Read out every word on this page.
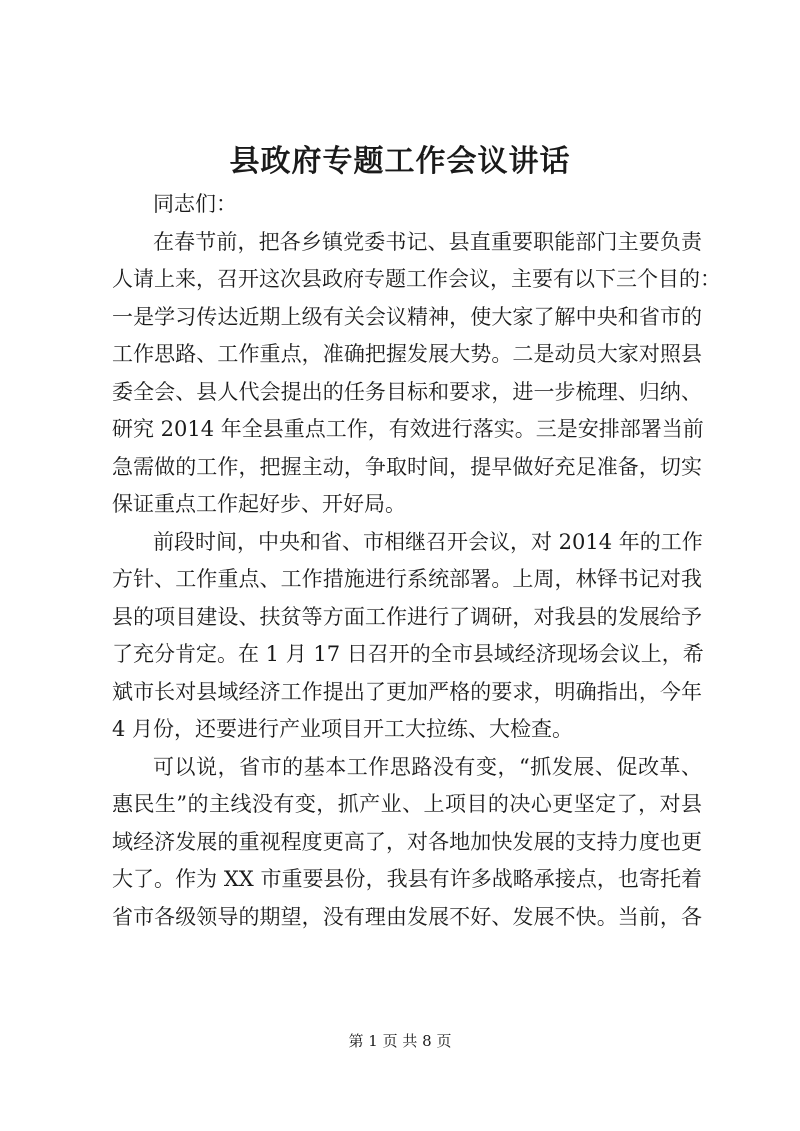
县政府专题工作会议讲话
同志们：
在春节前，把各乡镇党委书记、县直重要职能部门主要负责
人请上来，召开这次县政府专题工作会议，主要有以下三个目的：
一是学习传达近期上级有关会议精神，使大家了解中央和省市的
工作思路、工作重点，准确把握发展大势。二是动员大家对照县
委全会、县人代会提出的任务目标和要求，进一步梳理、归纳、
研究 2014 年全县重点工作，有效进行落实。三是安排部署当前
急需做的工作，把握主动，争取时间，提早做好充足准备，切实
保证重点工作起好步、开好局。
前段时间，中央和省、市相继召开会议，对 2014 年的工作
方针、工作重点、工作措施进行系统部署。上周，林铎书记对我
县的项目建设、扶贫等方面工作进行了调研，对我县的发展给予
了充分肯定。在 1 月 17 日召开的全市县域经济现场会议上，希
斌市长对县域经济工作提出了更加严格的要求，明确指出，今年
4 月份，还要进行产业项目开工大拉练、大检查。
可以说，省市的基本工作思路没有变，“抓发展、促改革、
惠民生”的主线没有变，抓产业、上项目的决心更坚定了，对县
域经济发展的重视程度更高了，对各地加快发展的支持力度也更
大了。作为 XX 市重要县份，我县有许多战略承接点，也寄托着
省市各级领导的期望，没有理由发展不好、发展不快。当前，各
第 1 页 共 8 页
